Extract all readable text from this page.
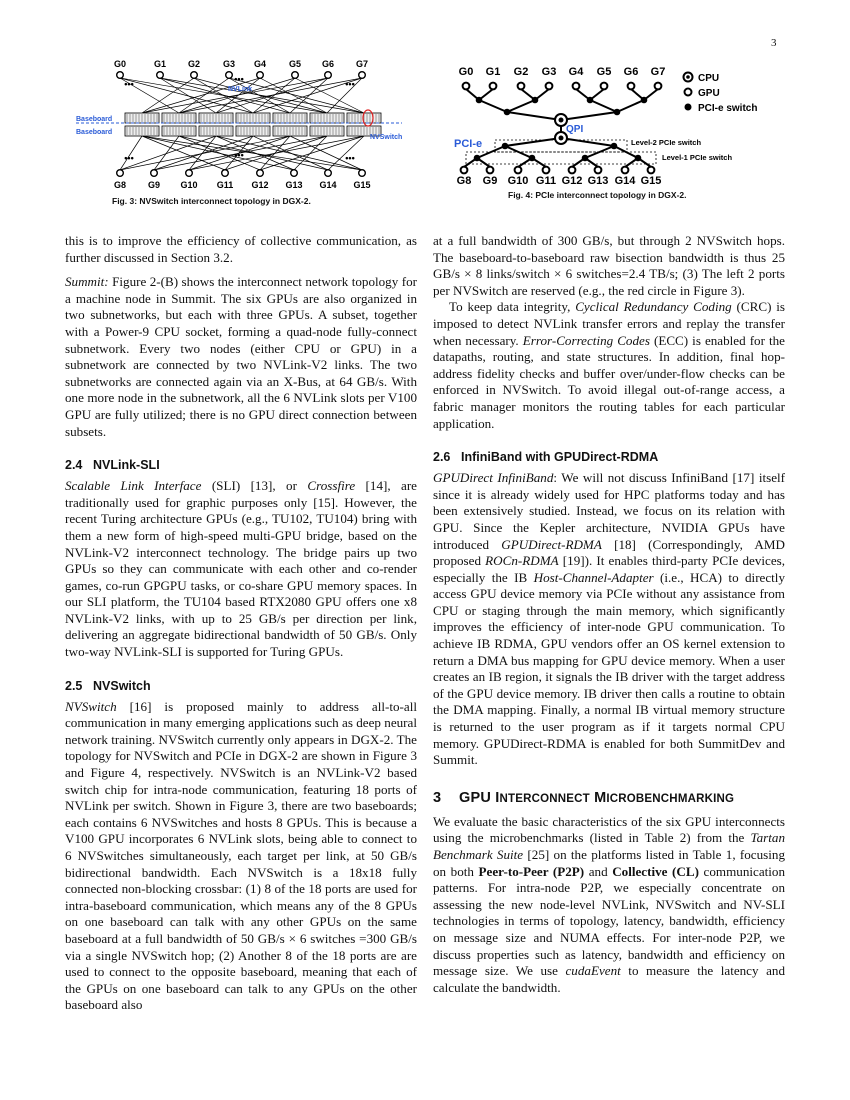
3
G0	G1 G2	G3 G4	G5 G6 G7
G8 G9 G10 G11 G12 G13 G14 G15
Baseboard
Baseboard
NVLink
NVSwitch
•••	•••	•••
•••	•••	•••
Fig. 3: NVSwitch interconnect topology in DGX-2.
G0 G1 G2 G3 G4 G5 G6 G7
G8 G9 G10 G11 G12 G13 G14 G15
QPI
PCI-e	Level-2 PCIe switch
Level-1 PCIe switch
CPU
GPU
PCI-e switch
Fig. 4: PCIe interconnect topology in DGX-2.

this is to improve the efficiency of collective communication, as further discussed in Section 3.2.

Summit: Figure 2-(B) shows the interconnect network topology for a machine node in Summit. The six GPUs are also organized in two subnetworks, but each with three GPUs. A subset, together with a Power-9 CPU socket, forming a quad-node fully-connect subnetwork. Every two nodes (either CPU or GPU) in a subnetwork are connected by two NVLink-V2 links. The two subnetworks are connected again via an X-Bus, at 64 GB/s. With one more node in the subnetwork, all the 6 NVLink slots per V100 GPU are fully utilized; there is no GPU direct connection between subsets.

2.4 NVLink-SLI

Scalable Link Interface (SLI) [13], or Crossfire [14], are traditionally used for graphic purposes only [15]. However, the recent Turing architecture GPUs (e.g., TU102, TU104) bring with them a new form of high-speed multi-GPU bridge, based on the NVLink-V2 interconnect technology. The bridge pairs up two GPUs so they can communicate with each other and co-render games, co-run GPGPU tasks, or co-share GPU memory spaces. In our SLI platform, the TU104 based RTX2080 GPU offers one x8 NVLink-V2 links, with up to 25 GB/s per direction per link, delivering an aggregate bidirectional bandwidth of 50 GB/s. Only two-way NVLink-SLI is supported for Turing GPUs.

2.5 NVSwitch

NVSwitch [16] is proposed mainly to address all-to-all communication in many emerging applications such as deep neural network training. NVSwitch currently only appears in DGX-2. The topology for NVSwitch and PCIe in DGX-2 are shown in Figure 3 and Figure 4, respectively. NVSwitch is an NVLink-V2 based switch chip for intra-node communication, featuring 18 ports of NVLink per switch. Shown in Figure 3, there are two baseboards; each contains 6 NVSwitches and hosts 8 GPUs. This is because a V100 GPU incorporates 6 NVLink slots, being able to connect to 6 NVSwitches simultaneously, each target per link, at 50 GB/s bidirectional bandwidth. Each NVSwitch is a 18x18 fully connected non-blocking crossbar: (1) 8 of the 18 ports are used for intra-baseboard communication, which means any of the 8 GPUs on one baseboard can talk with any other GPUs on the same baseboard at a full bandwidth of 50 GB/s × 6 switches =300 GB/s via a single NVSwitch hop; (2) Another 8 of the 18 ports are are used to connect to the opposite baseboard, meaning that each of the GPUs on one baseboard can talk to any GPUs on the other baseboard also

at a full bandwidth of 300 GB/s, but through 2 NVSwitch hops. The baseboard-to-baseboard raw bisection bandwidth is thus 25 GB/s × 8 links/switch × 6 switches=2.4 TB/s; (3) The left 2 ports per NVSwitch are reserved (e.g., the red circle in Figure 3).

To keep data integrity, Cyclical Redundancy Coding (CRC) is imposed to detect NVLink transfer errors and replay the transfer when necessary. Error-Correcting Codes (ECC) is enabled for the datapaths, routing, and state structures. In addition, final hop-address fidelity checks and buffer over/under-flow checks can be enforced in NVSwitch. To avoid illegal out-of-range access, a fabric manager monitors the routing tables for each particular application.

2.6 InfiniBand with GPUDirect-RDMA

GPUDirect InfiniBand: We will not discuss InfiniBand [17] itself since it is already widely used for HPC platforms today and has been extensively studied. Instead, we focus on its relation with GPU. Since the Kepler architecture, NVIDIA GPUs have introduced GPUDirect-RDMA [18] (Correspondingly, AMD proposed ROCn-RDMA [19]). It enables third-party PCIe devices, especially the IB Host-Channel-Adapter (i.e., HCA) to directly access GPU device memory via PCIe without any assistance from CPU or staging through the main memory, which significantly improves the efficiency of inter-node GPU communication. To achieve IB RDMA, GPU vendors offer an OS kernel extension to return a DMA bus mapping for GPU device memory. When a user creates an IB region, it signals the IB driver with the target address of the GPU device memory. IB driver then calls a routine to obtain the DMA mapping. Finally, a normal IB virtual memory structure is returned to the user program as if it targets normal CPU memory. GPUDirect-RDMA is enabled for both SummitDev and Summit.

3 GPU INTERCONNECT MICROBENCHMARKING

We evaluate the basic characteristics of the six GPU interconnects using the microbenchmarks (listed in Table 2) from the Tartan Benchmark Suite [25] on the platforms listed in Table 1, focusing on both Peer-to-Peer (P2P) and Collective (CL) communication patterns. For intra-node P2P, we especially concentrate on assessing the new node-level NVLink, NVSwitch and NV-SLI technologies in terms of topology, latency, bandwidth, efficiency on message size and NUMA effects. For inter-node P2P, we discuss properties such as latency, bandwidth and efficiency on message size. We use cudaEvent to measure the latency and calculate the bandwidth.
